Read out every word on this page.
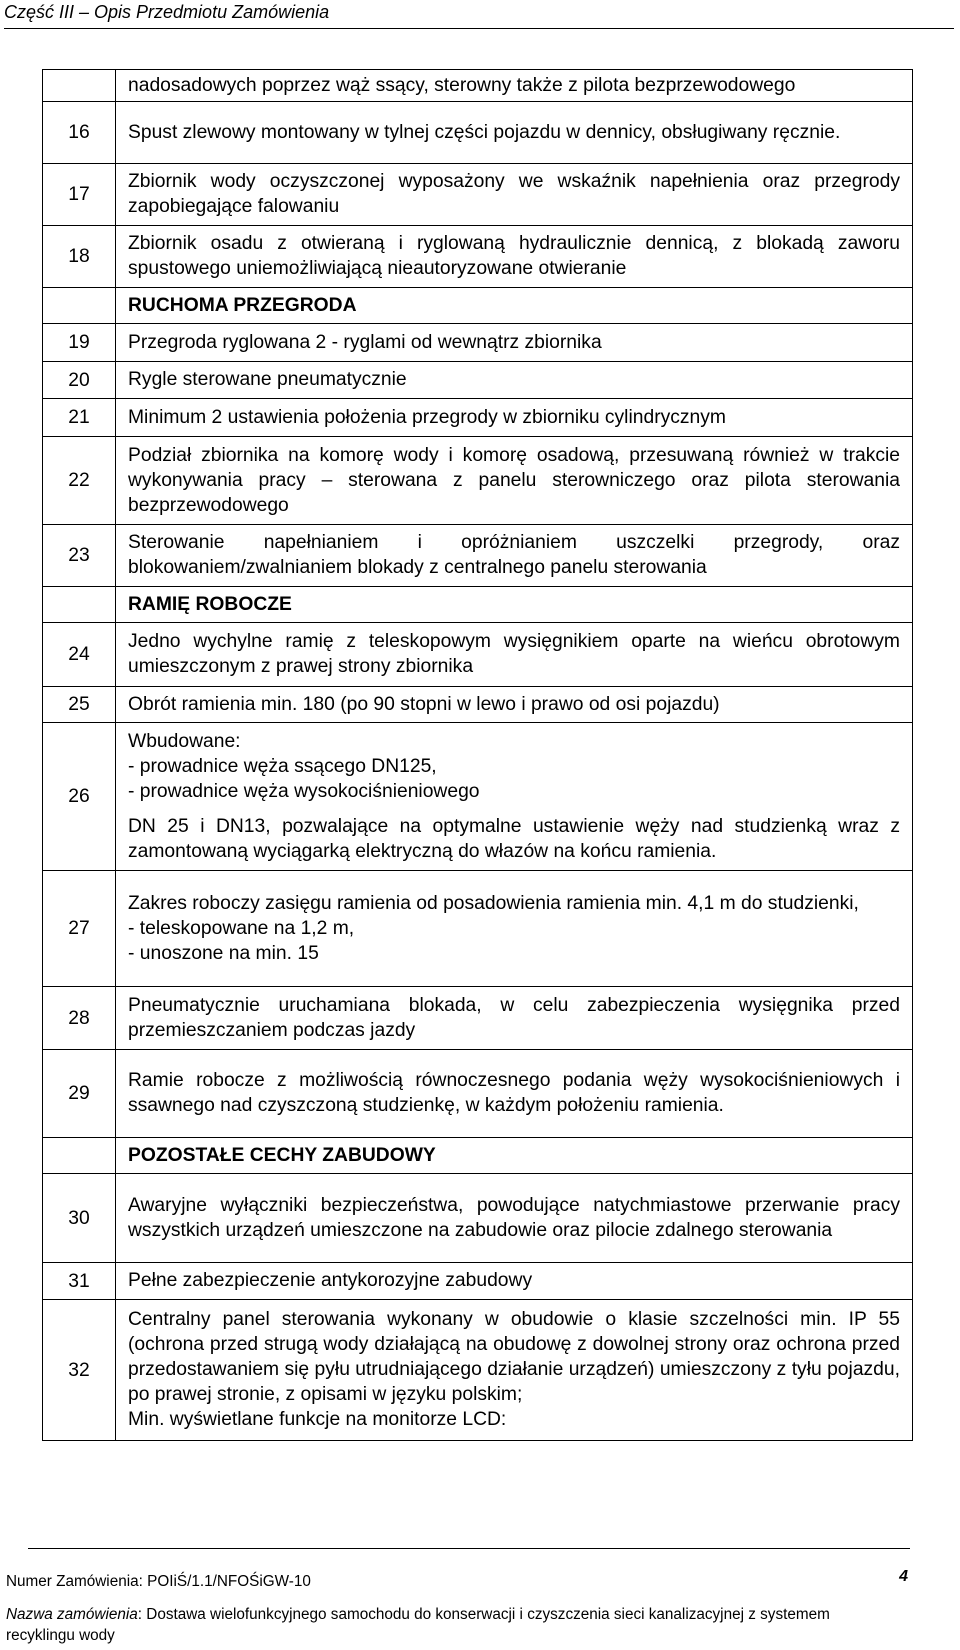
Część III – Opis Przedmiotu Zamówienia
	nadosadowych poprzez wąż ssący, sterowny także z pilota bezprzewodowego
16	Spust zlewowy montowany w tylnej części pojazdu w dennicy, obsługiwany ręcznie.
17	Zbiornik wody oczyszczonej wyposażony we wskaźnik napełnienia oraz przegrody zapobiegające falowaniu
18	Zbiornik osadu z otwieraną i ryglowaną hydraulicznie dennicą, z blokadą zaworu spustowego uniemożliwiającą nieautoryzowane otwieranie
	RUCHOMA PRZEGRODA
19	Przegroda ryglowana 2 - ryglami od wewnątrz zbiornika
20	Rygle sterowane pneumatycznie
21	Minimum 2 ustawienia położenia przegrody w zbiorniku cylindrycznym
22	Podział zbiornika na komorę wody i komorę osadową, przesuwaną również w trakcie wykonywania pracy – sterowana z panelu sterowniczego oraz pilota sterowania bezprzewodowego
23	Sterowanie napełnianiem i opróżnianiem uszczelki przegrody, oraz blokowaniem/zwalnianiem blokady z centralnego panelu sterowania
	RAMIĘ ROBOCZE
24	Jedno wychylne ramię z teleskopowym wysięgnikiem oparte na wieńcu obrotowym umieszczonym z prawej strony zbiornika
25	Obrót ramienia min. 180 (po 90 stopni w lewo i prawo od osi pojazdu)
26	Wbudowane:
- prowadnice węża ssącego DN125,
- prowadnice węża wysokociśnieniowego
DN 25 i DN13, pozwalające na optymalne ustawienie węży nad studzienką wraz z zamontowaną wyciągarką elektryczną do włazów na końcu ramienia.

27	Zakres roboczy zasięgu ramienia od posadowienia ramienia min. 4,1 m do studzienki,
- teleskopowane na 1,2 m,
- unoszone na min. 15

28	Pneumatycznie uruchamiana blokada, w celu zabezpieczenia wysięgnika przed przemieszczaniem podczas jazdy
29	Ramie robocze z możliwością równoczesnego podania węży wysokociśnieniowych i ssawnego nad czyszczoną studzienkę, w każdym położeniu ramienia.
	POZOSTAŁE CECHY ZABUDOWY
30	Awaryjne wyłączniki bezpieczeństwa, powodujące natychmiastowe przerwanie pracy wszystkich urządzeń umieszczone na zabudowie oraz pilocie zdalnego sterowania
31	Pełne zabezpieczenie antykorozyjne zabudowy
32	Centralny panel sterowania wykonany w obudowie o klasie szczelności min. IP 55 (ochrona przed strugą wody działającą na obudowę z dowolnej strony oraz ochrona przed przedostawaniem się pyłu utrudniającego działanie urządzeń) umieszczony z tyłu pojazdu, po prawej stronie, z opisami w języku polskim;
Min. wyświetlane funkcje na monitorze LCD:
Numer Zamówienia: POIiŚ/1.1/NFOŚiGW-10	4
Nazwa zamówienia: Dostawa wielofunkcyjnego samochodu do konserwacji i czyszczenia sieci kanalizacyjnej z systemem recyklingu wody
